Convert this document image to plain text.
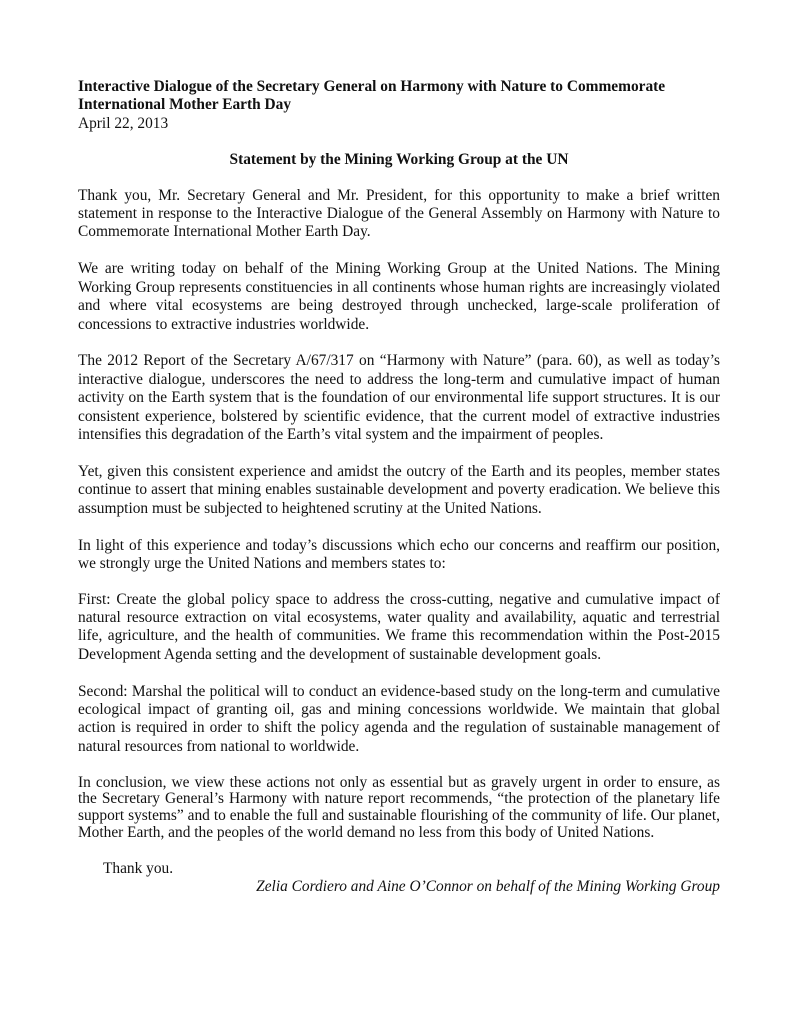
Interactive Dialogue of the Secretary General on Harmony with Nature to Commemorate

International Mother Earth Day

April 22, 2013

Statement by the Mining Working Group at the UN

Thank you, Mr. Secretary General and Mr. President, for this opportunity to make a brief written statement in response to the Interactive Dialogue of the General Assembly on Harmony with Nature to Commemorate International Mother Earth Day.

We are writing today on behalf of the Mining Working Group at the United Nations. The Mining Working Group represents constituencies in all continents whose human rights are increasingly violated and where vital ecosystems are being destroyed through unchecked, large-scale proliferation of concessions to extractive industries worldwide.

The 2012 Report of the Secretary A/67/317 on “Harmony with Nature” (para. 60), as well as today’s interactive dialogue, underscores the need to address the long-term and cumulative impact of human activity on the Earth system that is the foundation of our environmental life support structures. It is our consistent experience, bolstered by scientific evidence, that the current model of extractive industries intensifies this degradation of the Earth’s vital system and the impairment of peoples.

Yet, given this consistent experience and amidst the outcry of the Earth and its peoples, member states continue to assert that mining enables sustainable development and poverty eradication. We believe this assumption must be subjected to heightened scrutiny at the United Nations.

In light of this experience and today’s discussions which echo our concerns and reaffirm our position, we strongly urge the United Nations and members states to:

First: Create the global policy space to address the cross-cutting, negative and cumulative impact of natural resource extraction on vital ecosystems, water quality and availability, aquatic and terrestrial life, agriculture, and the health of communities. We frame this recommendation within the Post-2015 Development Agenda setting and the development of sustainable development goals.

Second: Marshal the political will to conduct an evidence-based study on the long-term and cumulative ecological impact of granting oil, gas and mining concessions worldwide. We maintain that global action is required in order to shift the policy agenda and the regulation of sustainable management of natural resources from national to worldwide.

In conclusion, we view these actions not only as essential but as gravely urgent in order to ensure, as the Secretary General’s Harmony with nature report recommends, “the protection of the planetary life support systems” and to enable the full and sustainable flourishing of the community of life. Our planet, Mother Earth, and the peoples of the world demand no less from this body of United Nations.

Thank you.

Zelia Cordiero and Aine O’Connor on behalf of the Mining Working Group
